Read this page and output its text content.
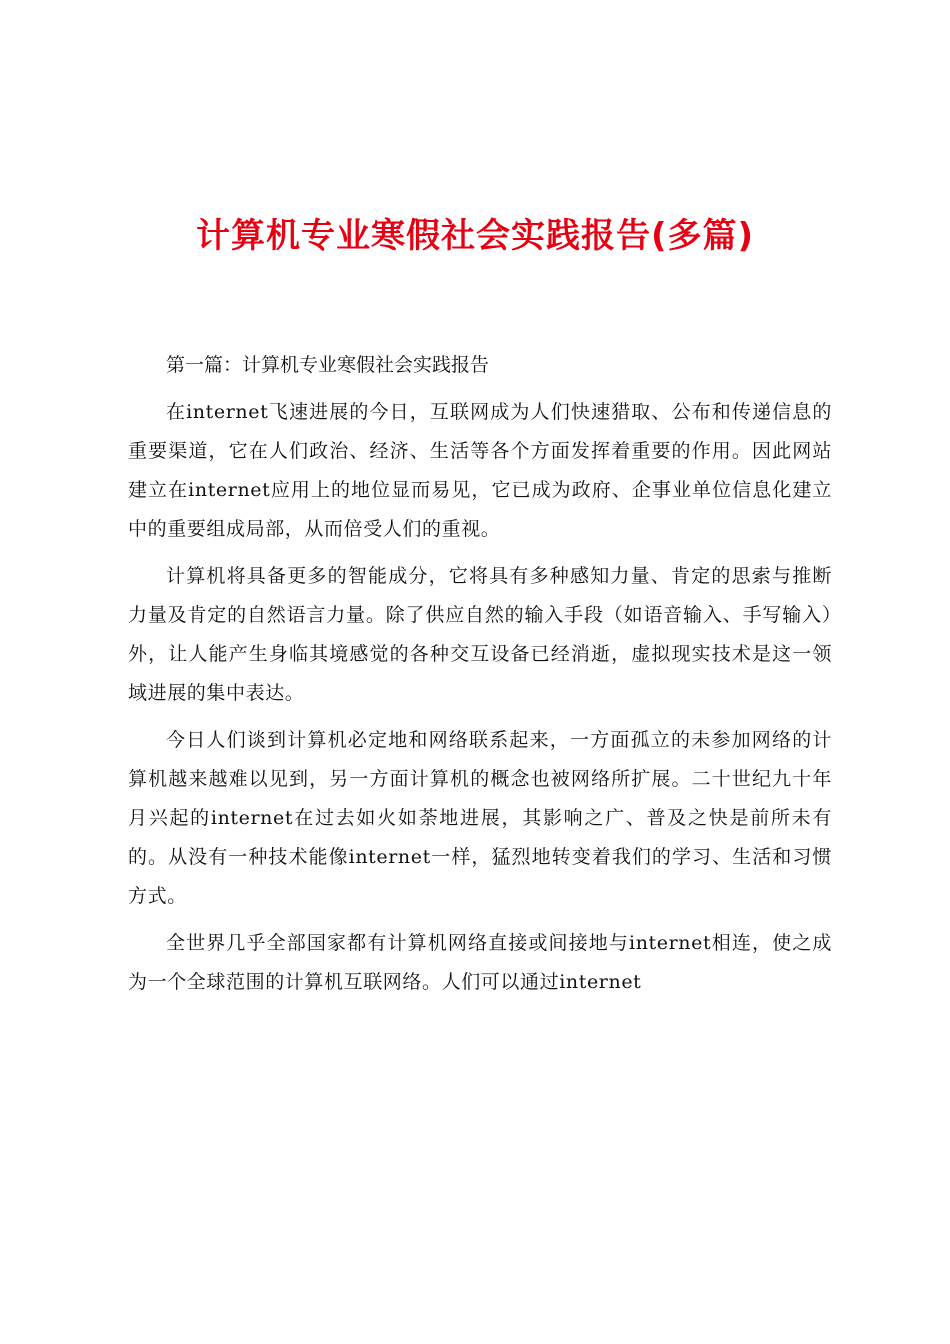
计算机专业寒假社会实践报告(多篇)

第一篇：计算机专业寒假社会实践报告

在internet飞速进展的今日，互联网成为人们快速猎取、公布和传递信息的重要渠道，它在人们政治、经济、生活等各个方面发挥着重要的作用。因此网站建立在internet应用上的地位显而易见，它已成为政府、企事业单位信息化建立中的重要组成局部，从而倍受人们的重视。

计算机将具备更多的智能成分，它将具有多种感知力量、肯定的思索与推断力量及肯定的自然语言力量。除了供应自然的输入手段（如语音输入、手写输入）外，让人能产生身临其境感觉的各种交互设备已经消逝，虚拟现实技术是这一领域进展的集中表达。

今日人们谈到计算机必定地和网络联系起来，一方面孤立的未参加网络的计算机越来越难以见到，另一方面计算机的概念也被网络所扩展。二十世纪九十年月兴起的internet在过去如火如荼地进展，其影响之广、普及之快是前所未有的。从没有一种技术能像internet一样，猛烈地转变着我们的学习、生活和习惯方式。

全世界几乎全部国家都有计算机网络直接或间接地与internet相连，使之成为一个全球范围的计算机互联网络。人们可以通过internet
